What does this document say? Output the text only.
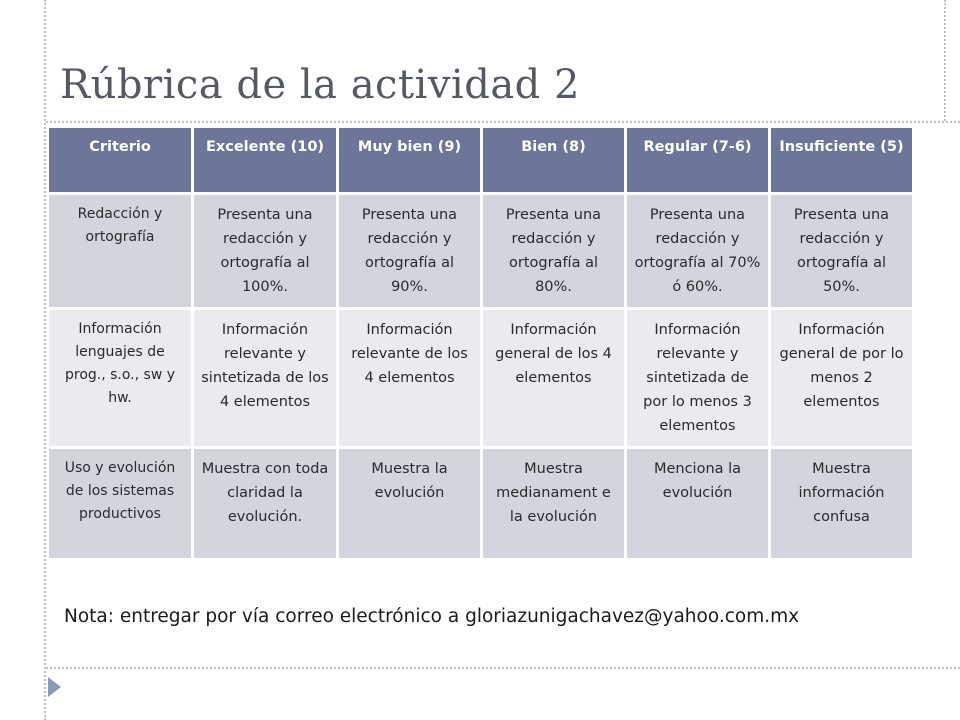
Rúbrica de la actividad 2
Criterio	Excelente (10)	Muy bien (9)	Bien (8)	Regular (7-6)	Insuficiente (5)
Redacción y ortografía	Presenta una redacción y ortografía al 100%.	Presenta una redacción y ortografía al 90%.	Presenta una redacción y ortografía al 80%.	Presenta una redacción y ortografía al 70% ó 60%.	Presenta una redacción y ortografía al 50%.
Información lenguajes de prog., s.o., sw y hw.	Información relevante y sintetizada de los 4 elementos	Información relevante de los 4 elementos	Información general de los 4 elementos	Información relevante y sintetizada de por lo menos 3 elementos	Información general de por lo menos 2 elementos
Uso y evolución de los sistemas productivos	Muestra con toda claridad la evolución.	Muestra la evolución	Muestra medianament e la evolución	Menciona la evolución	Muestra información confusa
Nota: entregar por vía correo electrónico a gloriazunigachavez@yahoo.com.mx
